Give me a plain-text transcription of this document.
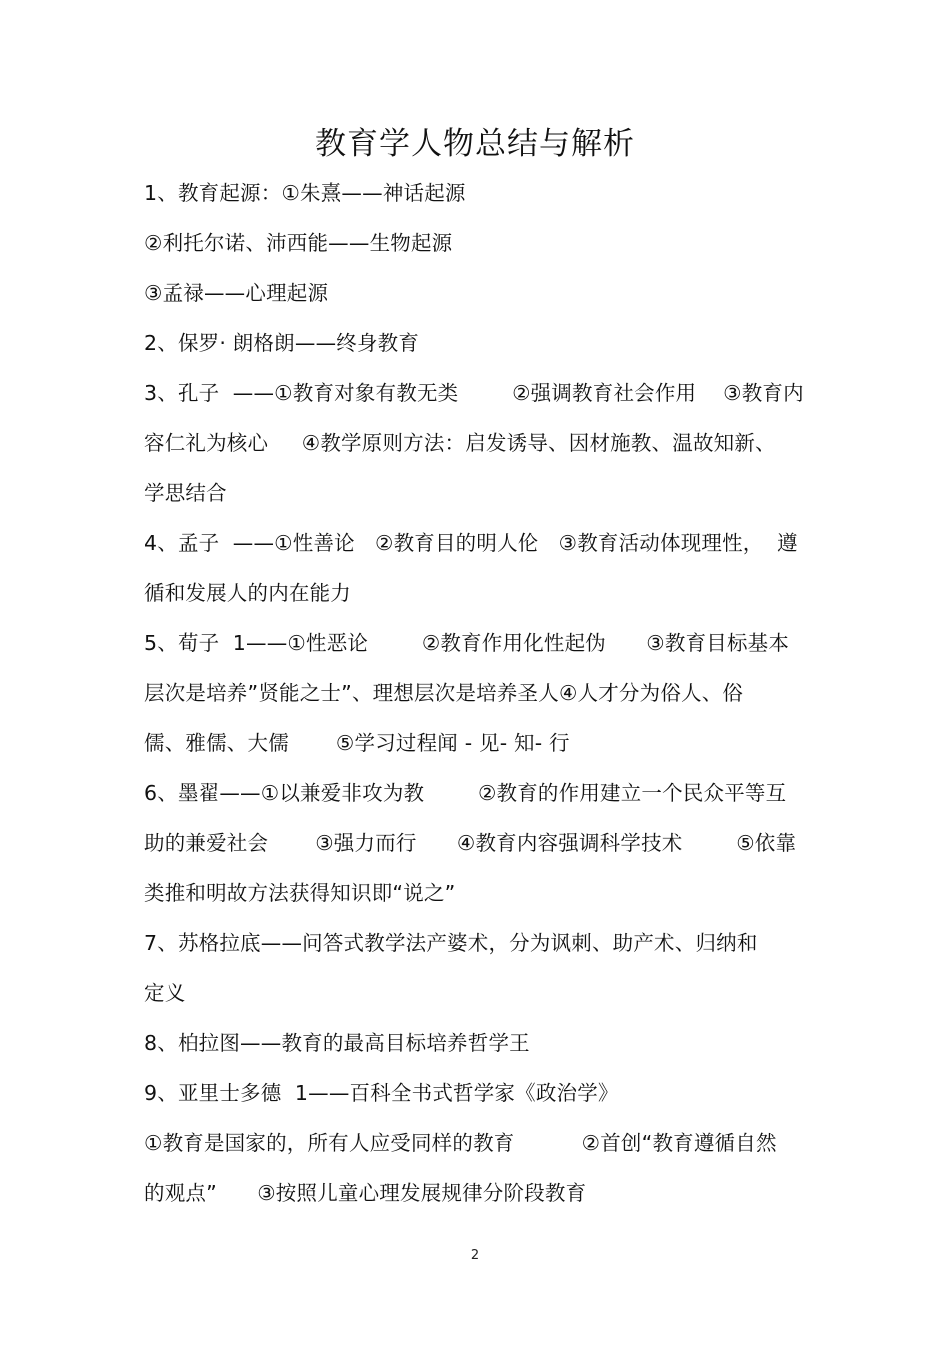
教育学人物总结与解析
1、教育起源：①朱熹——神话起源
②利托尔诺、沛西能——生物起源
③孟禄——心理起源
2、保罗· 朗格朗——终身教育
3、孔子  ——①教育对象有教无类        ②强调教育社会作用    ③教育内
容仁礼为核心     ④教学原则方法：启发诱导、因材施教、温故知新、
学思结合
4、孟子  ——①性善论   ②教育目的明人伦   ③教育活动体现理性，  遵
循和发展人的内在能力
5、荀子  1——①性恶论        ②教育作用化性起伪      ③教育目标基本
层次是培养”贤能之士”、理想层次是培养圣人④人才分为俗人、俗
儒、雅儒、大儒       ⑤学习过程闻 - 见- 知- 行
6、墨翟——①以兼爱非攻为教        ②教育的作用建立一个民众平等互
助的兼爱社会       ③强力而行      ④教育内容强调科学技术        ⑤依靠
类推和明故方法获得知识即“说之”
7、苏格拉底——问答式教学法产婆术，分为讽刺、助产术、归纳和
定义
8、柏拉图——教育的最高目标培养哲学王
9、亚里士多德  1——百科全书式哲学家《政治学》
①教育是国家的，所有人应受同样的教育          ②首创“教育遵循自然
的观点”      ③按照儿童心理发展规律分阶段教育
2
